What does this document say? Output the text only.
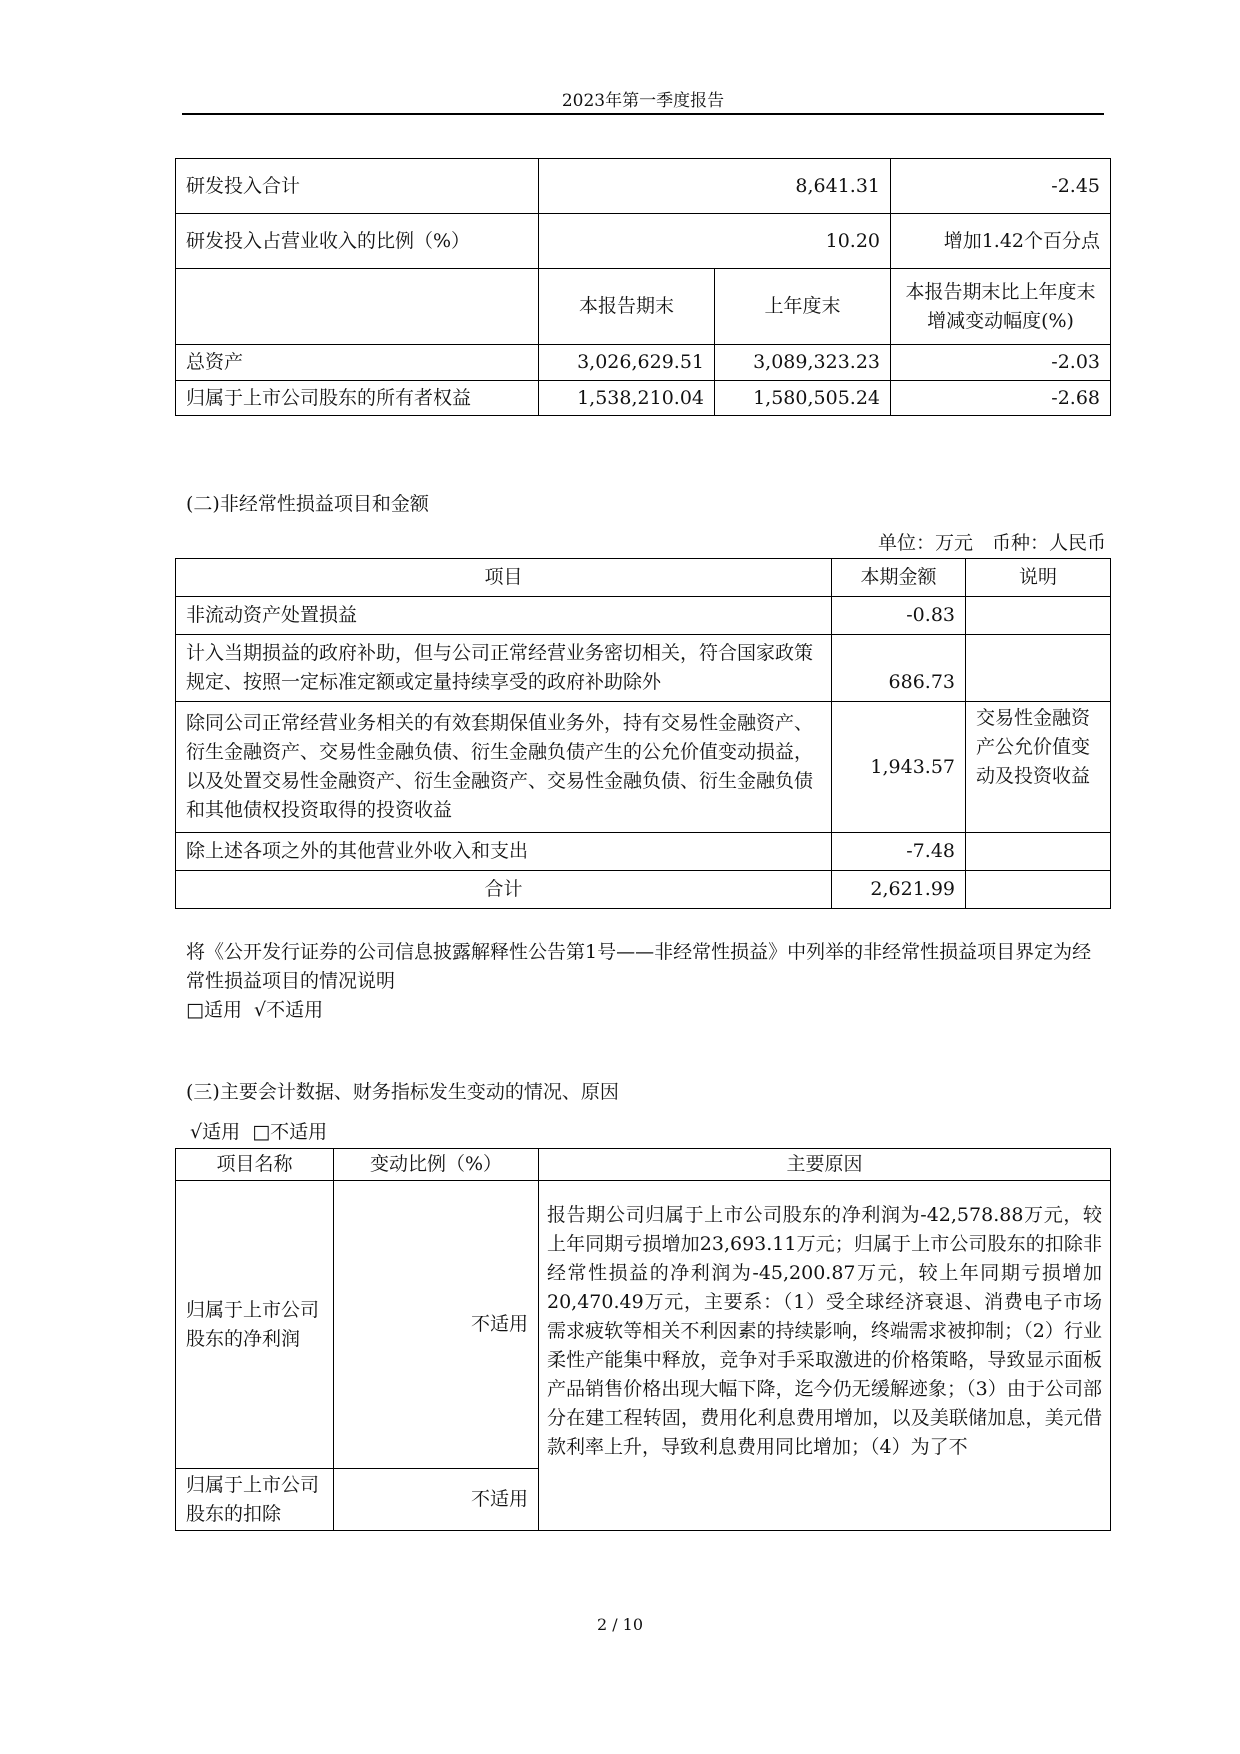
2023年第一季度报告
研发投入合计	8,641.31		-2.45
研发投入占营业收入的比例（%）	10.20		增加1.42个百分点
	本报告期末	上年度末	本报告期末比上年度末增减变动幅度(%)
总资产	3,026,629.51	3,089,323.23	-2.03
归属于上市公司股东的所有者权益	1,538,210.04	1,580,505.24	-2.68
(二)非经常性损益项目和金额
单位：万元　币种：人民币
项目	本期金额	说明
非流动资产处置损益	-0.83	
计入当期损益的政府补助，但与公司正常经营业务密切相关，符合国家政策规定、按照一定标准定额或定量持续享受的政府补助除外	686.73	
除同公司正常经营业务相关的有效套期保值业务外，持有交易性金融资产、衍生金融资产、交易性金融负债、衍生金融负债产生的公允价值变动损益，以及处置交易性金融资产、衍生金融资产、交易性金融负债、衍生金融负债和其他债权投资取得的投资收益	1,943.57	交易性金融资产公允价值变动及投资收益
除上述各项之外的其他营业外收入和支出	-7.48	
合计	2,621.99	
将《公开发行证券的公司信息披露解释性公告第1号——非经常性损益》中列举的非经常性损益项目界定为经常性损益项目的情况说明
□适用 √不适用
(三)主要会计数据、财务指标发生变动的情况、原因
√适用 □不适用
项目名称	变动比例（%）	主要原因
归属于上市公司股东的净利润	不适用	报告期公司归属于上市公司股东的净利润为-42,578.88万元，较上年同期亏损增加23,693.11万元；归属于上市公司股东的扣除非经常性损益的净利润为-45,200.87万元，较上年同期亏损增加20,470.49万元，主要系：（1）受全球经济衰退、消费电子市场需求疲软等相关不利因素的持续影响，终端需求被抑制；（2）行业柔性产能集中释放，竞争对手采取激进的价格策略，导致显示面板产品销售价格出现大幅下降，迄今仍无缓解迹象；（3）由于公司部分在建工程转固，费用化利息费用增加，以及美联储加息，美元借款利率上升，导致利息费用同比增加；（4）为了不
归属于上市公司股东的扣除	不适用	
2 / 10
